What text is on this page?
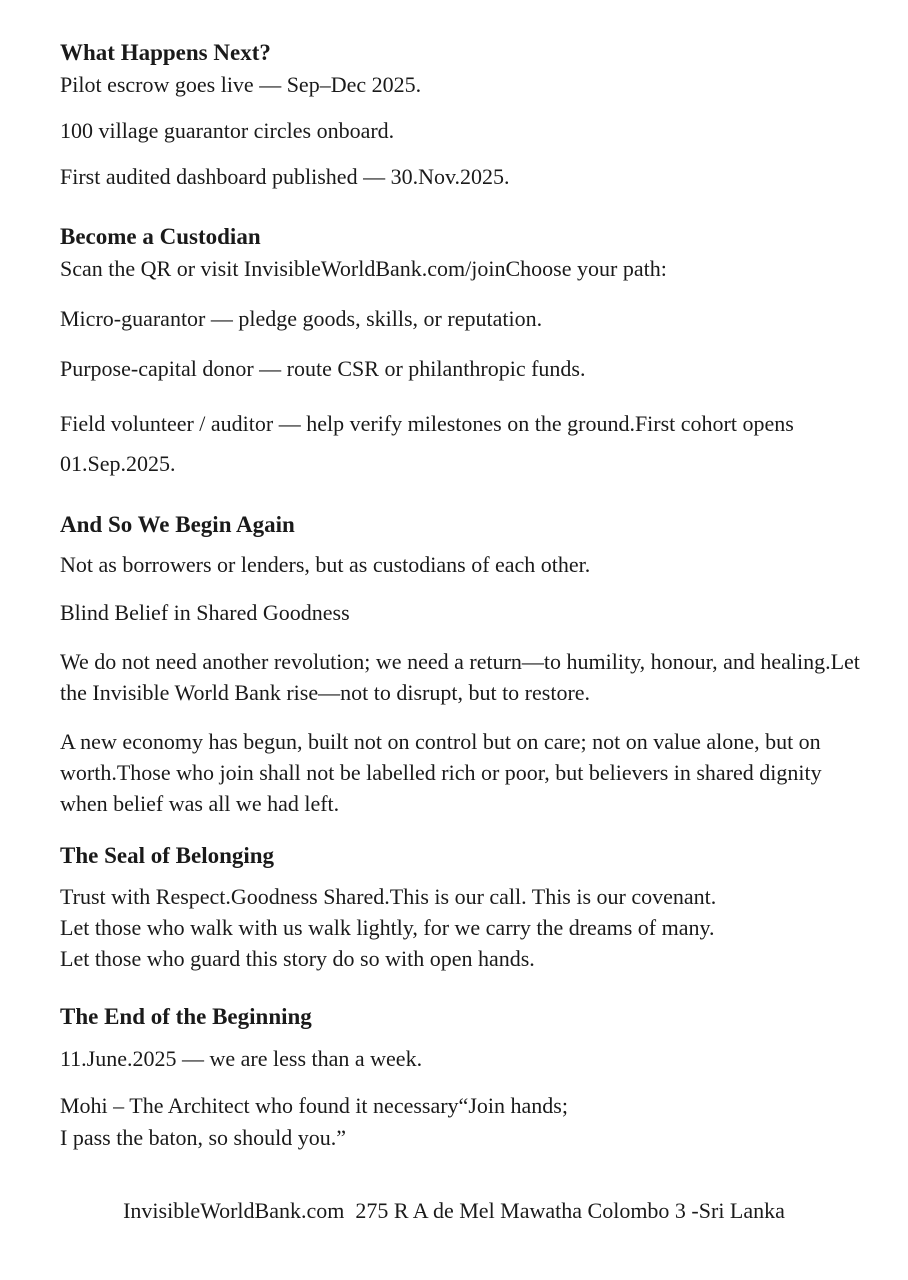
What Happens Next?

Pilot escrow goes live — Sep–Dec 2025.

100 village guarantor circles onboard.

First audited dashboard published — 30.Nov.2025.

Become a Custodian

Scan the QR or visit InvisibleWorldBank.com/joinChoose your path:

Micro-guarantor — pledge goods, skills, or reputation.

Purpose-capital donor — route CSR or philanthropic funds.

Field volunteer / auditor — help verify milestones on the ground.First cohort opens 01.Sep.2025.

And So We Begin Again

Not as borrowers or lenders, but as custodians of each other.

Blind Belief in Shared Goodness

We do not need another revolution; we need a return—to humility, honour, and healing.Let the Invisible World Bank rise—not to disrupt, but to restore.

A new economy has begun, built not on control but on care; not on value alone, but on worth.Those who join shall not be labelled rich or poor, but believers in shared dignity when belief was all we had left.

The Seal of Belonging

Trust with Respect.Goodness Shared.This is our call. This is our covenant.

Let those who walk with us walk lightly, for we carry the dreams of many.

Let those who guard this story do so with open hands.

The End of the Beginning

11.June.2025 — we are less than a week.

Mohi – The Architect who found it necessary“Join hands;

I pass the baton, so should you.”

InvisibleWorldBank.com  275 R A de Mel Mawatha Colombo 3 -Sri Lanka
